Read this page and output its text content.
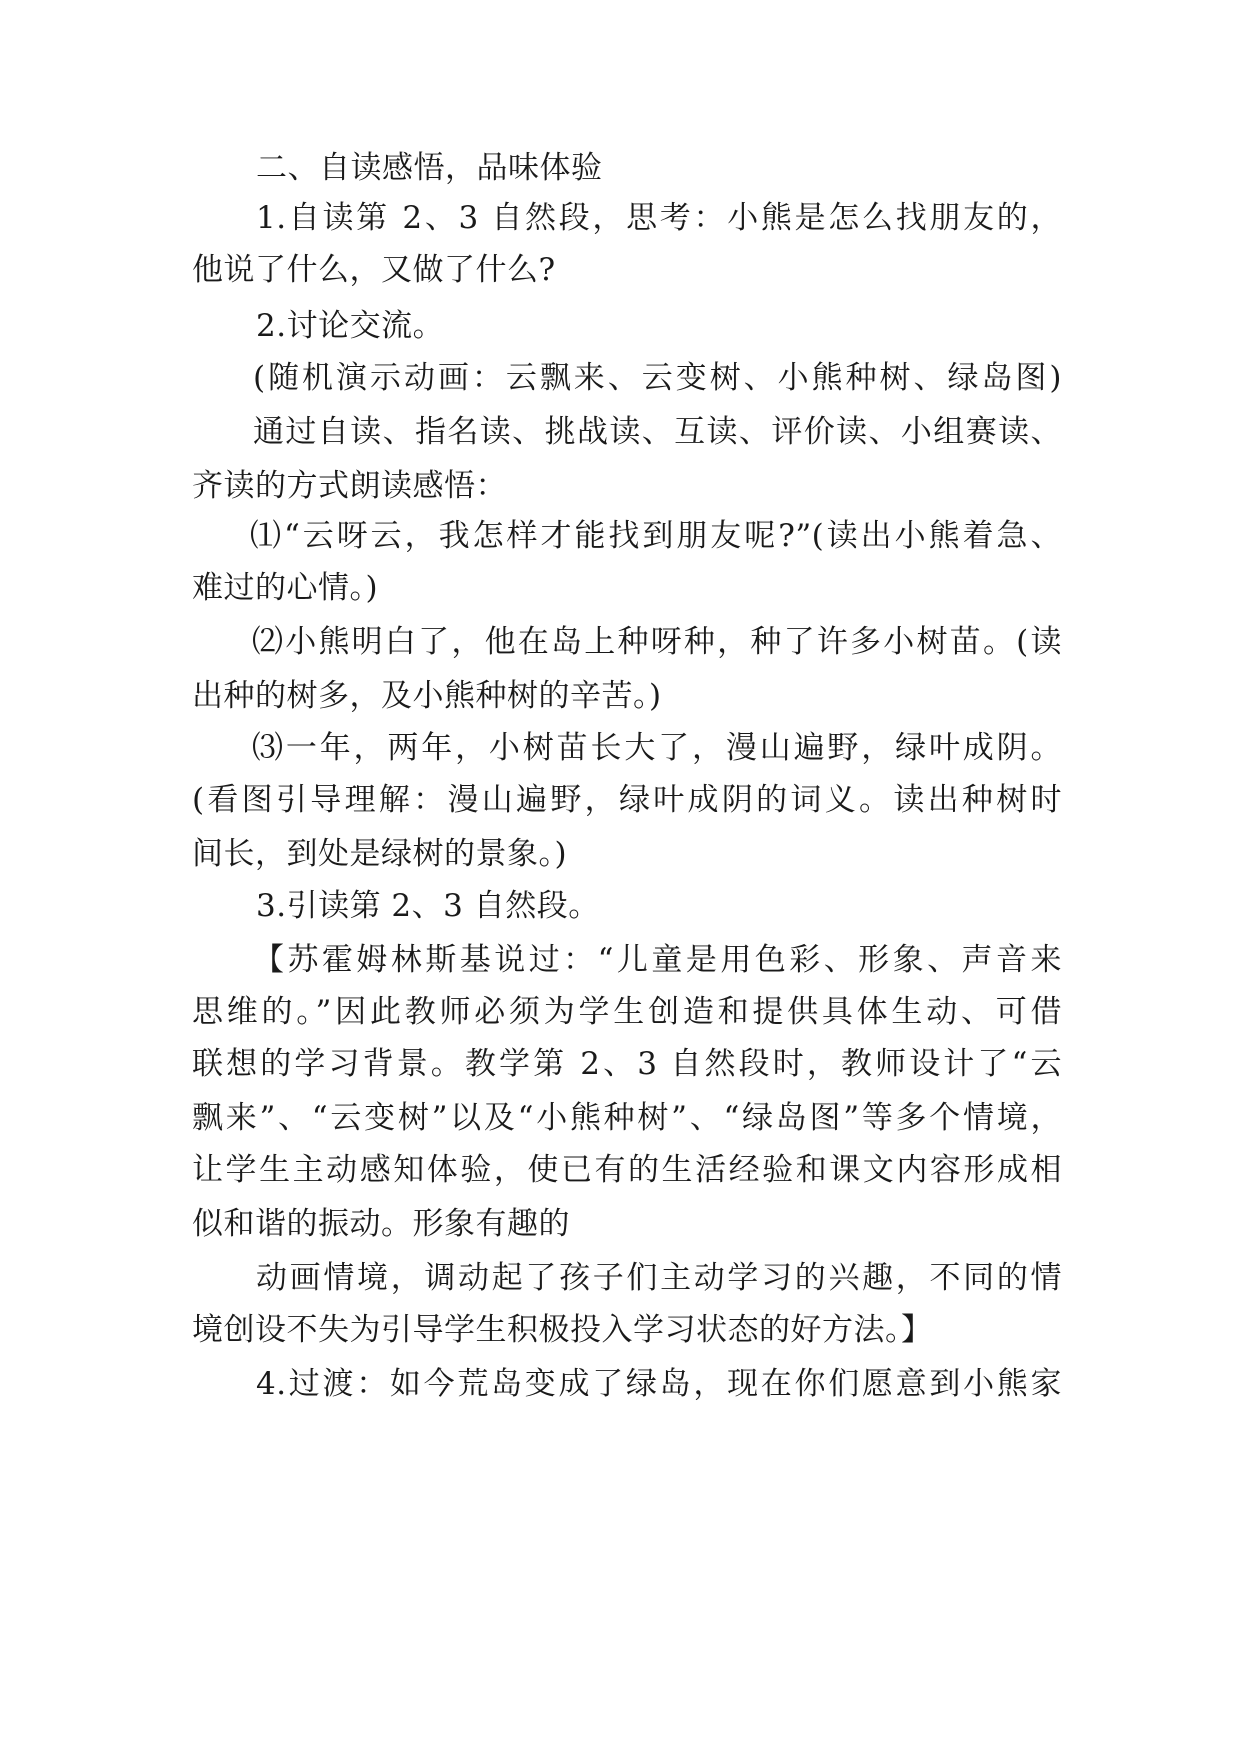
二、自读感悟，品味体验
1.自读第 2、3 自然段，思考：小熊是怎么找朋友的，
他说了什么，又做了什么?
2.讨论交流。
(随机演示动画：云飘来、云变树、小熊种树、绿岛图)
通过自读、指名读、挑战读、互读、评价读、小组赛读、
齐读的方式朗读感悟：
⑴“云呀云，我怎样才能找到朋友呢?”(读出小熊着急、
难过的心情。)
⑵小熊明白了，他在岛上种呀种，种了许多小树苗。(读
出种的树多，及小熊种树的辛苦。)
⑶一年，两年，小树苗长大了，漫山遍野，绿叶成阴。
(看图引导理解：漫山遍野，绿叶成阴的词义。读出种树时
间长，到处是绿树的景象。)
3.引读第 2、3 自然段。
【苏霍姆林斯基说过：“儿童是用色彩、形象、声音来
思维的。”因此教师必须为学生创造和提供具体生动、可借
联想的学习背景。教学第 2、3 自然段时，教师设计了“云
飘来”、“云变树”以及“小熊种树”、“绿岛图”等多个情境，
让学生主动感知体验，使已有的生活经验和课文内容形成相
似和谐的振动。形象有趣的
动画情境，调动起了孩子们主动学习的兴趣，不同的情
境创设不失为引导学生积极投入学习状态的好方法。】
4.过渡：如今荒岛变成了绿岛，现在你们愿意到小熊家
